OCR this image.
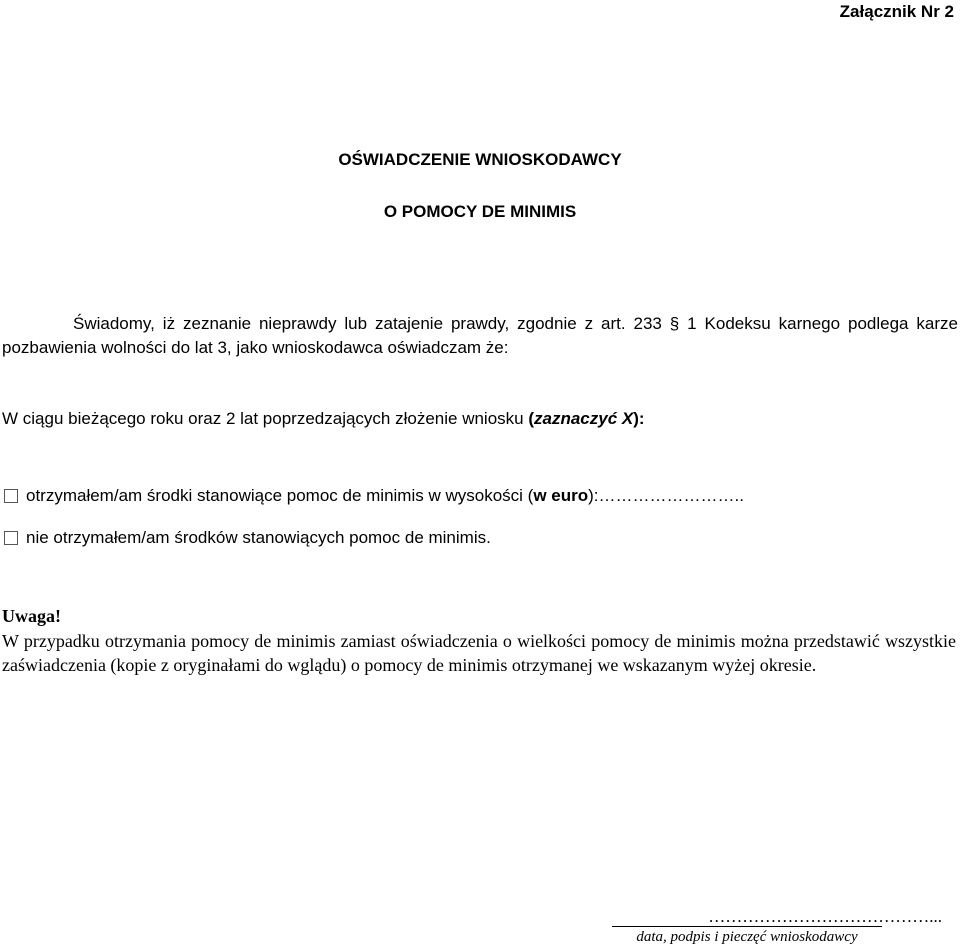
Załącznik Nr 2
OŚWIADCZENIE WNIOSKODAWCY
O POMOCY DE MINIMIS
Świadomy, iż zeznanie nieprawdy lub zatajenie prawdy, zgodnie z art. 233 § 1 Kodeksu karnego podlega karze
pozbawienia wolności do lat 3, jako wnioskodawca oświadczam że:
W ciągu bieżącego roku oraz 2 lat poprzedzających złożenie wniosku (zaznaczyć X):
otrzymałem/am środki stanowiące pomoc de minimis w wysokości ( w euro ): ……………………..
nie otrzymałem/am środków stanowiących pomoc de minimis.
Uwaga!
W przypadku otrzymania pomocy de minimis zamiast oświadczenia o wielkości pomocy de minimis można przedstawić wszystkie zaświadczenia (kopie z oryginałami do wglądu) o pomocy de minimis otrzymanej we wskazanym wyżej okresie.
…………………………………...
data, podpis i pieczęć wnioskodawcy
